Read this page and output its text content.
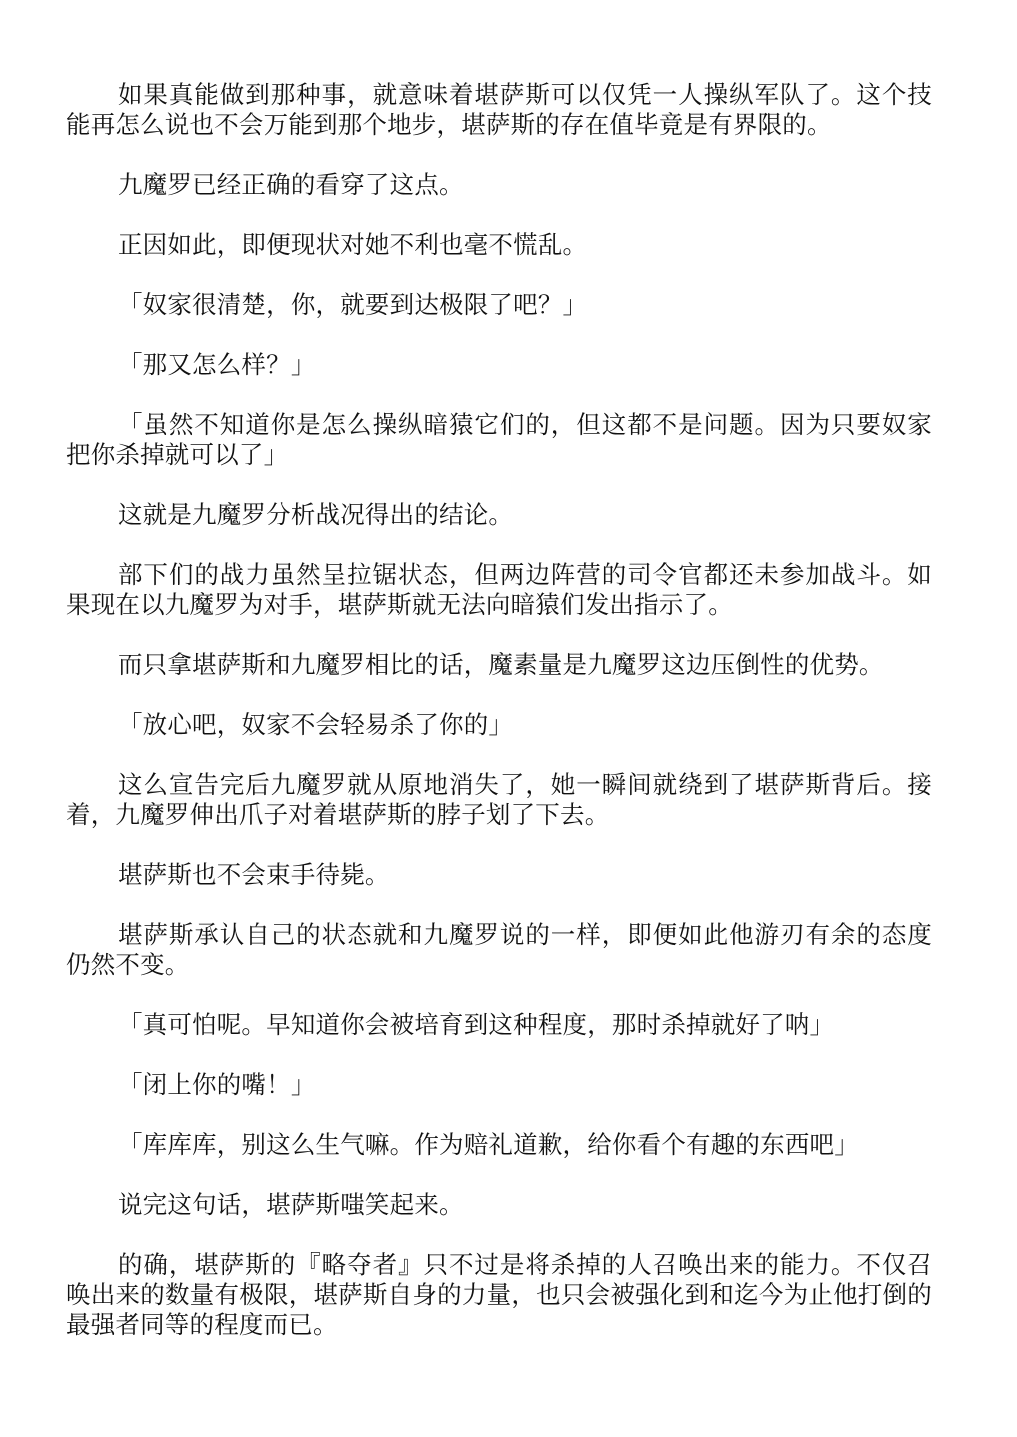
如果真能做到那种事，就意味着堪萨斯可以仅凭一人操纵军队了。这个技能再怎么说也不会万能到那个地步，堪萨斯的存在值毕竟是有界限的。

九魔罗已经正确的看穿了这点。

正因如此，即便现状对她不利也毫不慌乱。

「奴家很清楚，你，就要到达极限了吧？」

「那又怎么样？」

「虽然不知道你是怎么操纵暗猿它们的，但这都不是问题。因为只要奴家把你杀掉就可以了」

这就是九魔罗分析战况得出的结论。

部下们的战力虽然呈拉锯状态，但两边阵营的司令官都还未参加战斗。如果现在以九魔罗为对手，堪萨斯就无法向暗猿们发出指示了。

而只拿堪萨斯和九魔罗相比的话，魔素量是九魔罗这边压倒性的优势。

「放心吧，奴家不会轻易杀了你的」

这么宣告完后九魔罗就从原地消失了，她一瞬间就绕到了堪萨斯背后。接着，九魔罗伸出爪子对着堪萨斯的脖子划了下去。

堪萨斯也不会束手待毙。

堪萨斯承认自己的状态就和九魔罗说的一样，即便如此他游刃有余的态度仍然不变。

「真可怕呢。早知道你会被培育到这种程度，那时杀掉就好了呐」

「闭上你的嘴！」

「库库库，别这么生气嘛。作为赔礼道歉，给你看个有趣的东西吧」

说完这句话，堪萨斯嗤笑起来。

的确，堪萨斯的『略夺者』只不过是将杀掉的人召唤出来的能力。不仅召唤出来的数量有极限，堪萨斯自身的力量，也只会被强化到和迄今为止他打倒的最强者同等的程度而已。
